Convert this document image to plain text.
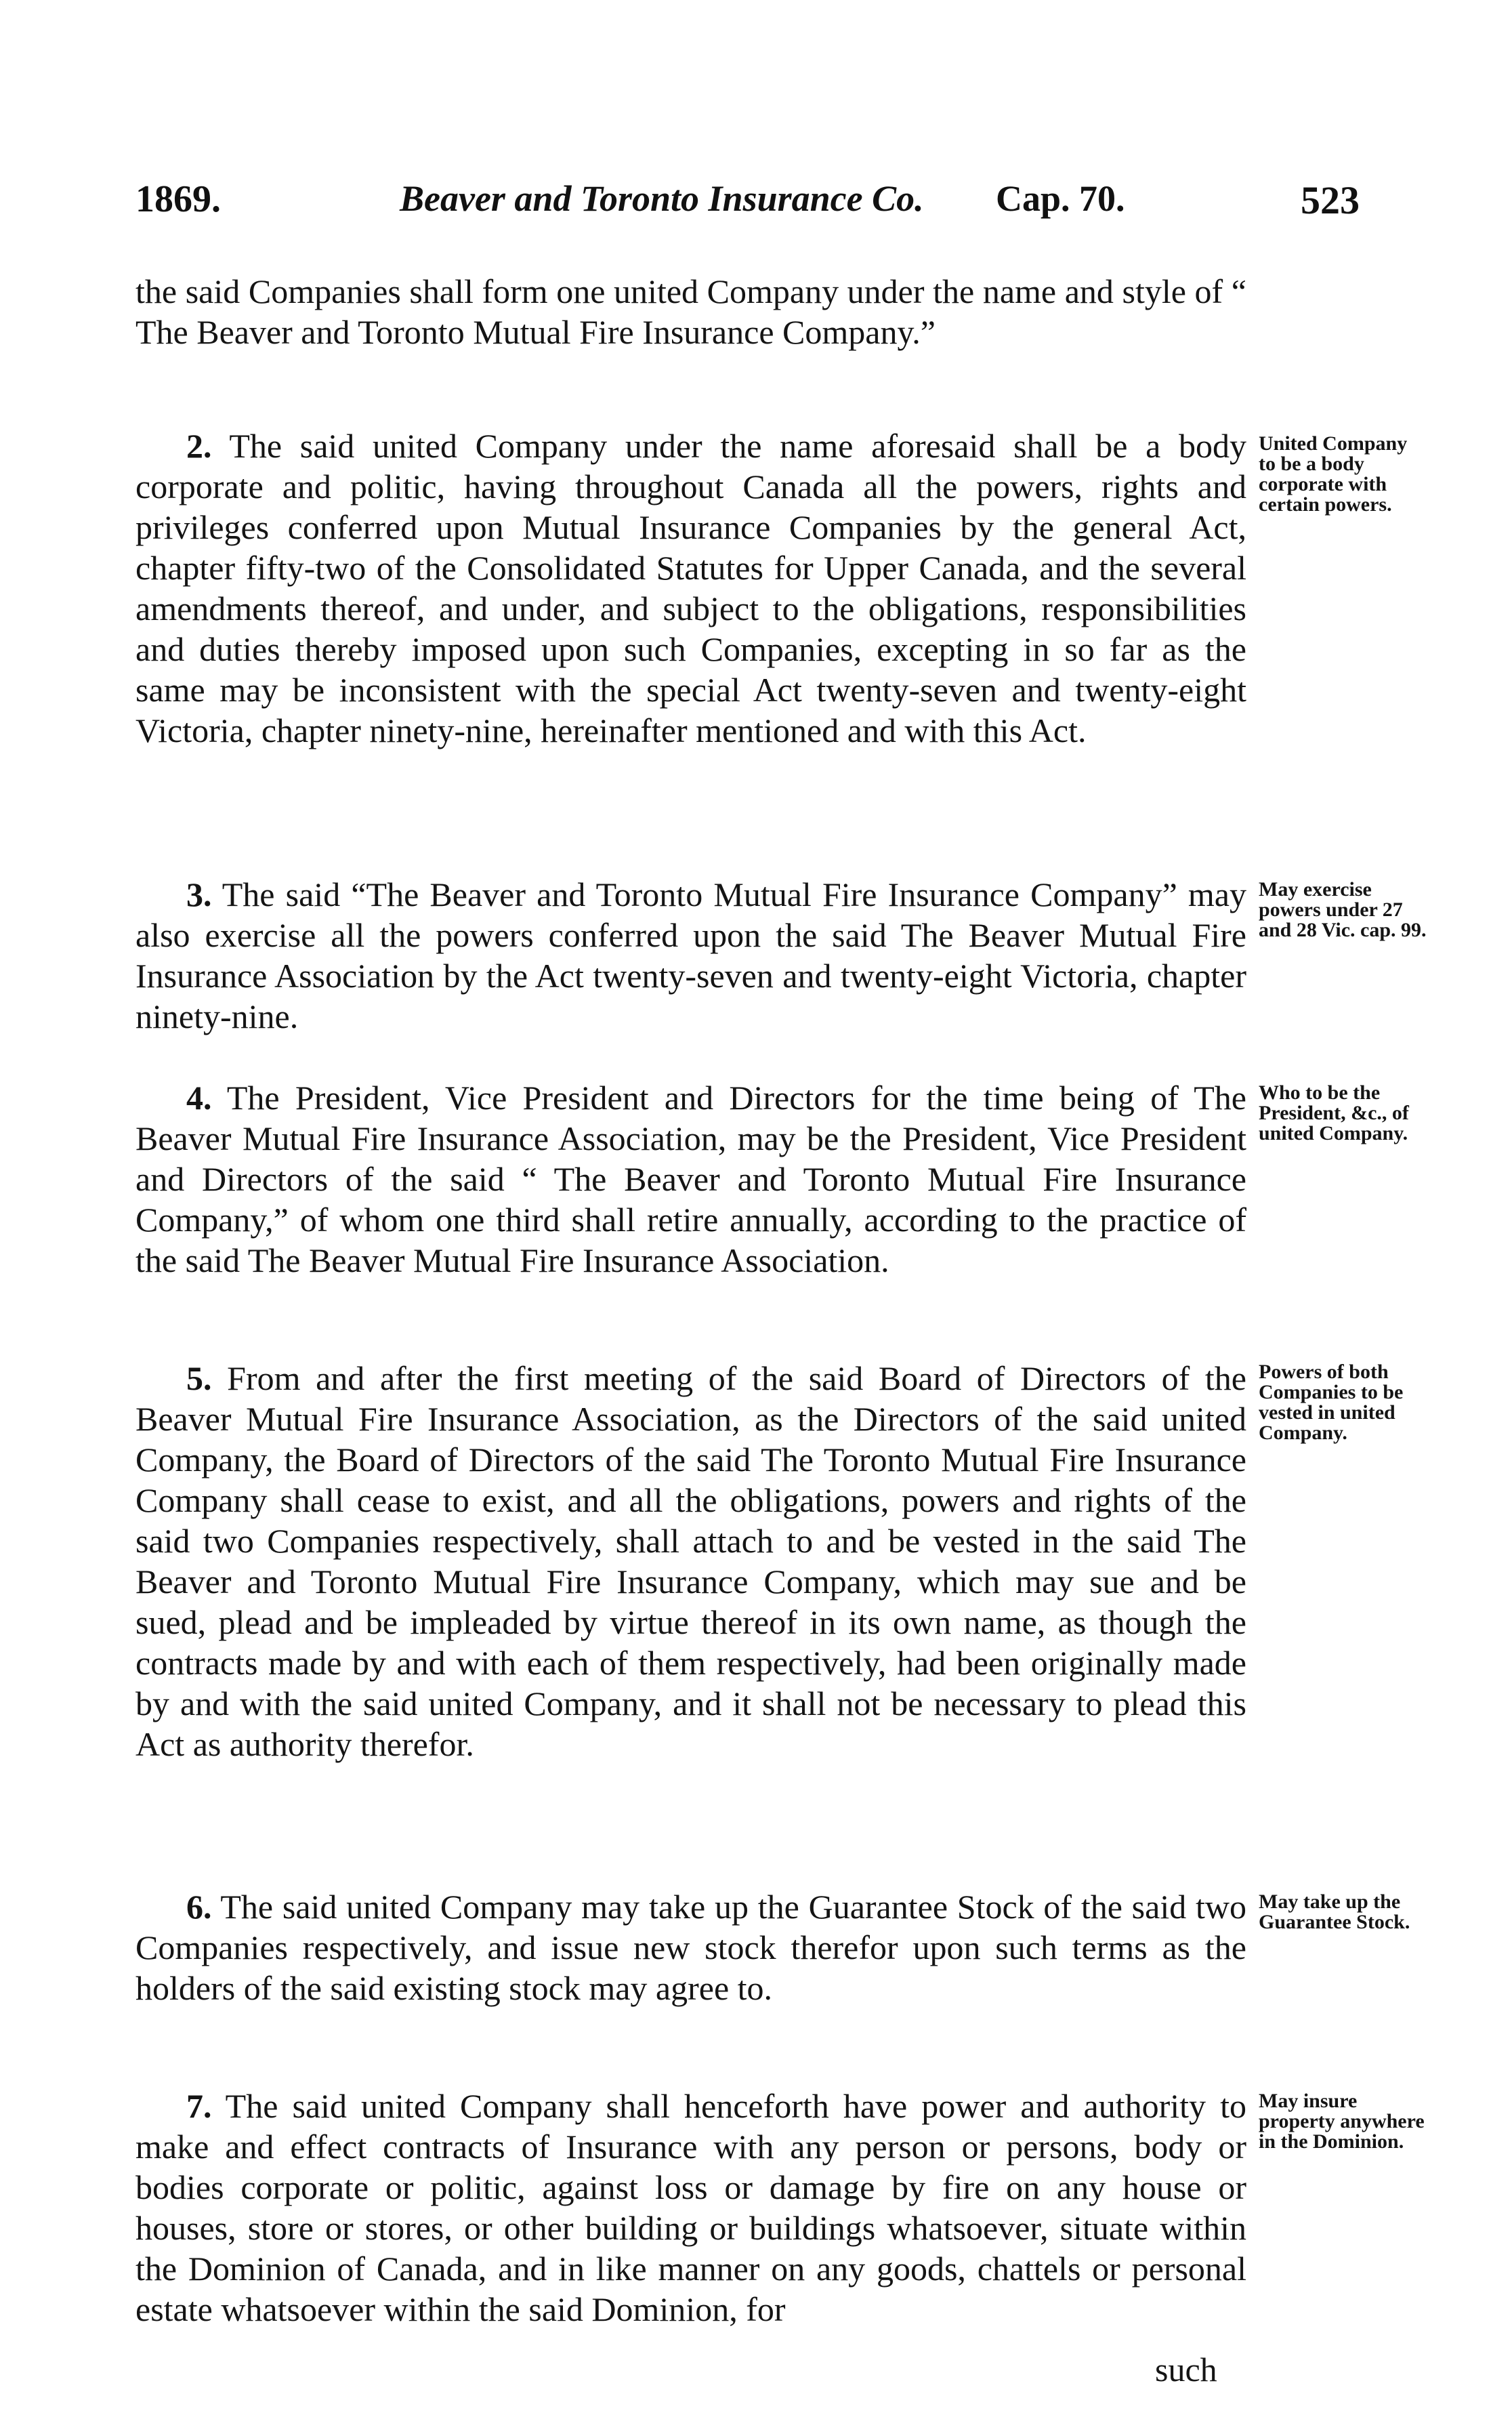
1869.	Beaver and Toronto Insurance Co. Cap. 70.	523
the said Companies shall form one united Company under the name and style of “ The Beaver and Toronto Mutual Fire Insurance Company.”
2. The said united Company under the name aforesaid shall be a body corporate and politic, having throughout Canada all the powers, rights and privileges conferred upon Mutual Insurance Companies by the general Act, chapter fifty-two of the Consolidated Statutes for Upper Canada, and the several amendments thereof, and under, and subject to the obligations, responsibilities and duties thereby imposed upon such Companies, excepting in so far as the same may be inconsistent with the special Act twenty-seven and twenty-eight Victoria, chapter ninety-nine, hereinafter mentioned and with this Act.
United Company to be a body corporate with certain powers.
3. The said “The Beaver and Toronto Mutual Fire Insurance Company” may also exercise all the powers conferred upon the said The Beaver Mutual Fire Insurance Association by the Act twenty-seven and twenty-eight Victoria, chapter ninety-nine.
May exercise powers under 27 and 28 Vic. cap. 99.
4. The President, Vice President and Directors for the time being of The Beaver Mutual Fire Insurance Association, may be the President, Vice President and Directors of the said “ The Beaver and Toronto Mutual Fire Insurance Company,” of whom one third shall retire annually, according to the practice of the said The Beaver Mutual Fire Insurance Association.
Who to be the President, &c., of united Company.
5. From and after the first meeting of the said Board of Directors of the Beaver Mutual Fire Insurance Association, as the Directors of the said united Company, the Board of Directors of the said The Toronto Mutual Fire Insurance Company shall cease to exist, and all the obligations, powers and rights of the said two Companies respectively, shall attach to and be vested in the said The Beaver and Toronto Mutual Fire Insurance Company, which may sue and be sued, plead and be impleaded by virtue thereof in its own name, as though the contracts made by and with each of them respectively, had been originally made by and with the said united Company, and it shall not be necessary to plead this Act as authority therefor.
Powers of both Companies to be vested in united Company.
6. The said united Company may take up the Guarantee Stock of the said two Companies respectively, and issue new stock therefor upon such terms as the holders of the said existing stock may agree to.
May take up the Guarantee Stock.
7. The said united Company shall henceforth have power and authority to make and effect contracts of Insurance with any person or persons, body or bodies corporate or politic, against loss or damage by fire on any house or houses, store or stores, or other building or buildings whatsoever, situate within the Dominion of Canada, and in like manner on any goods, chattels or personal estate whatsoever within the said Dominion, for
May insure property anywhere in the Dominion.
such
